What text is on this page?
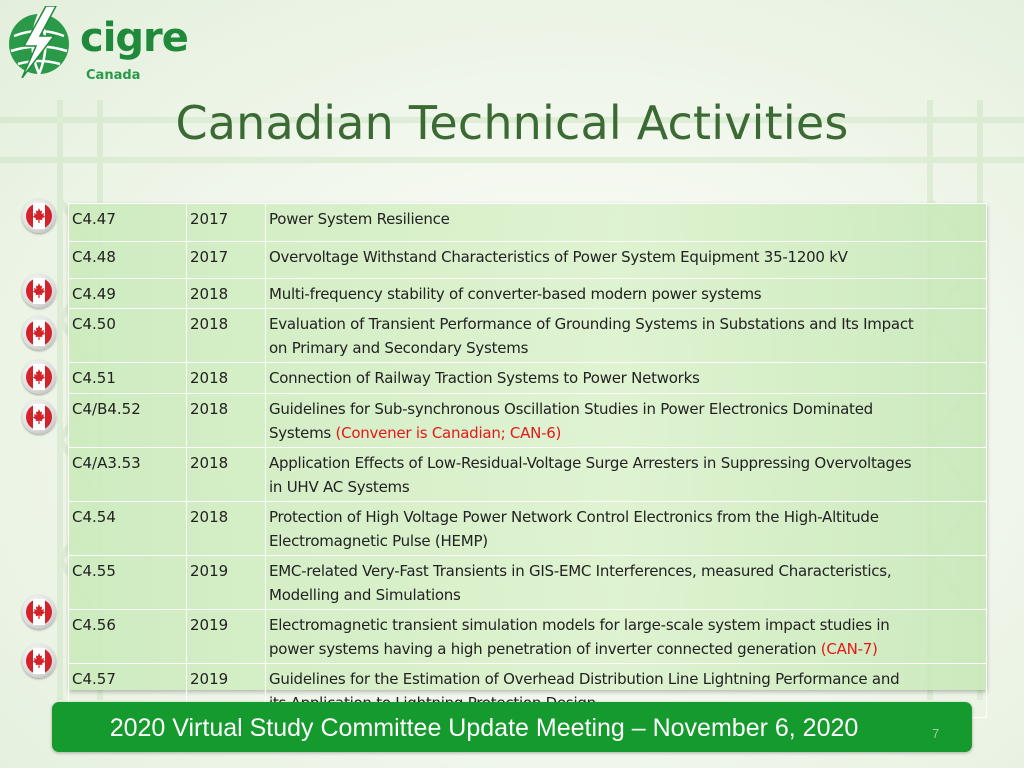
cigre
Canada
Canadian Technical Activities
C4.47	2017	Power System Resilience
C4.48	2017	Overvoltage Withstand Characteristics of Power System Equipment 35-1200 kV
C4.49	2018	Multi-frequency stability of converter-based modern power systems
C4.50	2018	Evaluation of Transient Performance of Grounding Systems in Substations and Its Impact
on Primary and Secondary Systems
C4.51	2018	Connection of Railway Traction Systems to Power Networks
C4/B4.52	2018	Guidelines for Sub-synchronous Oscillation Studies in Power Electronics Dominated
Systems (Convener is Canadian; CAN-6)
C4/A3.53	2018	Application Effects of Low-Residual-Voltage Surge Arresters in Suppressing Overvoltages
in UHV AC Systems
C4.54	2018	Protection of High Voltage Power Network Control Electronics from the High-Altitude
Electromagnetic Pulse (HEMP)
C4.55	2019	EMC-related Very-Fast Transients in GIS-EMC Interferences, measured Characteristics,
Modelling and Simulations
C4.56	2019	Electromagnetic transient simulation models for large-scale system impact studies in
power systems having a high penetration of inverter connected generation (CAN-7)
C4.57	2019	Guidelines for the Estimation of Overhead Distribution Line Lightning Performance and

2020 Virtual Study Committee Update Meeting – November 6, 2020	7
